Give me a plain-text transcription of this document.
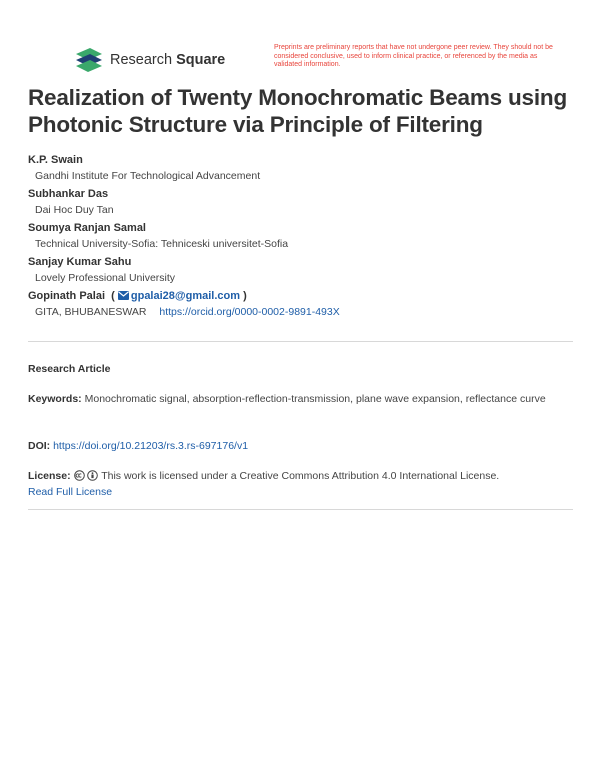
Research Square
Preprints are preliminary reports that have not undergone peer review. They should not be considered conclusive, used to inform clinical practice, or referenced by the media as validated information.
Realization of Twenty Monochromatic Beams using Photonic Structure via Principle of Filtering
K.P. Swain
Gandhi Institute For Technological Advancement
Subhankar Das
Dai Hoc Duy Tan
Soumya Ranjan Samal
Technical University-Sofia: Tehniceski universitet-Sofia
Sanjay Kumar Sahu
Lovely Professional University
Gopinath Palai ( gpalai28@gmail.com )
GITA, BHUBANESWAR https://orcid.org/0000-0002-9891-493X
Research Article
Keywords: Monochromatic signal, absorption-reflection-transmission, plane wave expansion, reflectance curve
DOI: https://doi.org/10.21203/rs.3.rs-697176/v1
License:	This work is licensed under a Creative Commons Attribution 4.0 International License.
Read Full License
